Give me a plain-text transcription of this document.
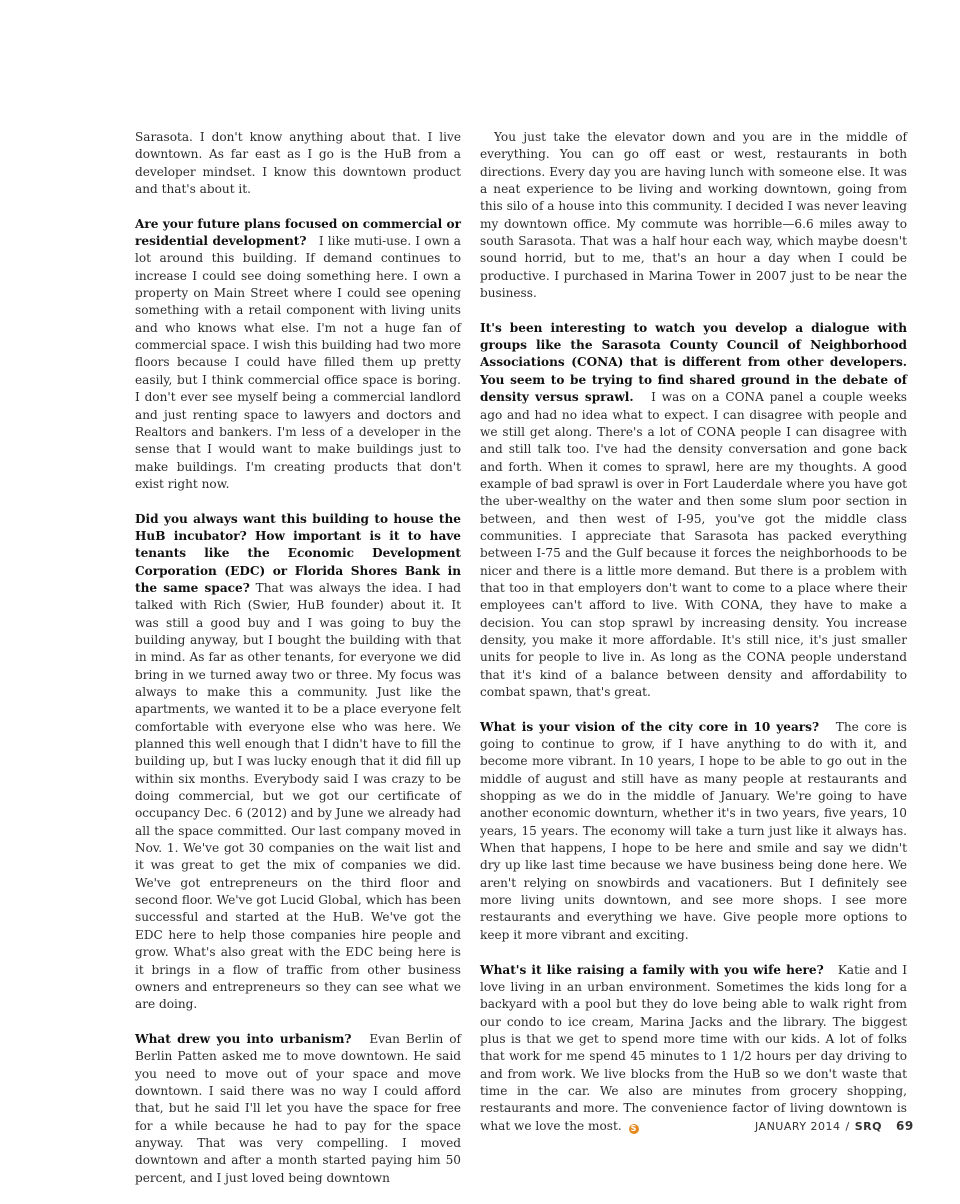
Sarasota. I don't know anything about that. I live downtown. As far east as I go is the HuB from a developer mindset. I know this downtown product and that's about it.

Are your future plans focused on commercial or residential development? I like muti-use. I own a lot around this building. If demand continues to increase I could see doing something here. I own a property on Main Street where I could see opening something with a retail component with living units and who knows what else. I'm not a huge fan of commercial space. I wish this building had two more floors because I could have filled them up pretty easily, but I think commercial office space is boring. I don't ever see myself being a commercial landlord and just renting space to lawyers and doctors and Realtors and bankers. I'm less of a developer in the sense that I would want to make buildings just to make buildings. I'm creating products that don't exist right now.

Did you always want this building to house the HuB incubator? How important is it to have tenants like the Economic Development Corporation (EDC) or Florida Shores Bank in the same space? That was always the idea. I had talked with Rich (Swier, HuB founder) about it. It was still a good buy and I was going to buy the building anyway, but I bought the building with that in mind. As far as other tenants, for everyone we did bring in we turned away two or three. My focus was always to make this a community. Just like the apartments, we wanted it to be a place everyone felt comfortable with everyone else who was here. We planned this well enough that I didn't have to fill the building up, but I was lucky enough that it did fill up within six months. Everybody said I was crazy to be doing commercial, but we got our certificate of occupancy Dec. 6 (2012) and by June we already had all the space committed. Our last company moved in Nov. 1. We've got 30 companies on the wait list and it was great to get the mix of companies we did. We've got entrepreneurs on the third floor and second floor. We've got Lucid Global, which has been successful and started at the HuB. We've got the EDC here to help those companies hire people and grow. What's also great with the EDC being here is it brings in a flow of traffic from other business owners and entrepreneurs so they can see what we are doing.

What drew you into urbanism? Evan Berlin of Berlin Patten asked me to move downtown. He said you need to move out of your space and move downtown. I said there was no way I could afford that, but he said I'll let you have the space for free for a while because he had to pay for the space anyway. That was very compelling. I moved downtown and after a month started paying him 50 percent, and I just loved being downtown

You just take the elevator down and you are in the middle of everything. You can go off east or west, restaurants in both directions. Every day you are having lunch with someone else. It was a neat experience to be living and working downtown, going from this silo of a house into this community. I decided I was never leaving my downtown office. My commute was horrible—6.6 miles away to south Sarasota. That was a half hour each way, which maybe doesn't sound horrid, but to me, that's an hour a day when I could be productive. I purchased in Marina Tower in 2007 just to be near the business.

It's been interesting to watch you develop a dialogue with groups like the Sarasota County Council of Neighborhood Associations (CONA) that is different from other developers. You seem to be trying to find shared ground in the debate of density versus sprawl. I was on a CONA panel a couple weeks ago and had no idea what to expect. I can disagree with people and we still get along. There's a lot of CONA people I can disagree with and still talk too. I've had the density conversation and gone back and forth. When it comes to sprawl, here are my thoughts. A good example of bad sprawl is over in Fort Lauderdale where you have got the uber-wealthy on the water and then some slum poor section in between, and then west of I-95, you've got the middle class communities. I appreciate that Sarasota has packed everything between I-75 and the Gulf because it forces the neighborhoods to be nicer and there is a little more demand. But there is a problem with that too in that employers don't want to come to a place where their employees can't afford to live. With CONA, they have to make a decision. You can stop sprawl by increasing density. You increase density, you make it more affordable. It's still nice, it's just smaller units for people to live in. As long as the CONA people understand that it's kind of a balance between density and affordability to combat spawn, that's great.

What is your vision of the city core in 10 years? The core is going to continue to grow, if I have anything to do with it, and become more vibrant. In 10 years, I hope to be able to go out in the middle of august and still have as many people at restaurants and shopping as we do in the middle of January. We're going to have another economic downturn, whether it's in two years, five years, 10 years, 15 years. The economy will take a turn just like it always has. When that happens, I hope to be here and smile and say we didn't dry up like last time because we have business being done here. We aren't relying on snowbirds and vacationers. But I definitely see more living units downtown, and see more shops. I see more restaurants and everything we have. Give people more options to keep it more vibrant and exciting.

What's it like raising a family with you wife here? Katie and I love living in an urban environment. Sometimes the kids long for a backyard with a pool but they do love being able to walk right from our condo to ice cream, Marina Jacks and the library. The biggest plus is that we get to spend more time with our kids. A lot of folks that work for me spend 45 minutes to 1 1/2 hours per day driving to and from work. We live blocks from the HuB so we don't waste that time in the car. We also are minutes from grocery shopping, restaurants and more. The convenience factor of living downtown is what we love the most. S	JANUARY 2014 / SRQ 69
